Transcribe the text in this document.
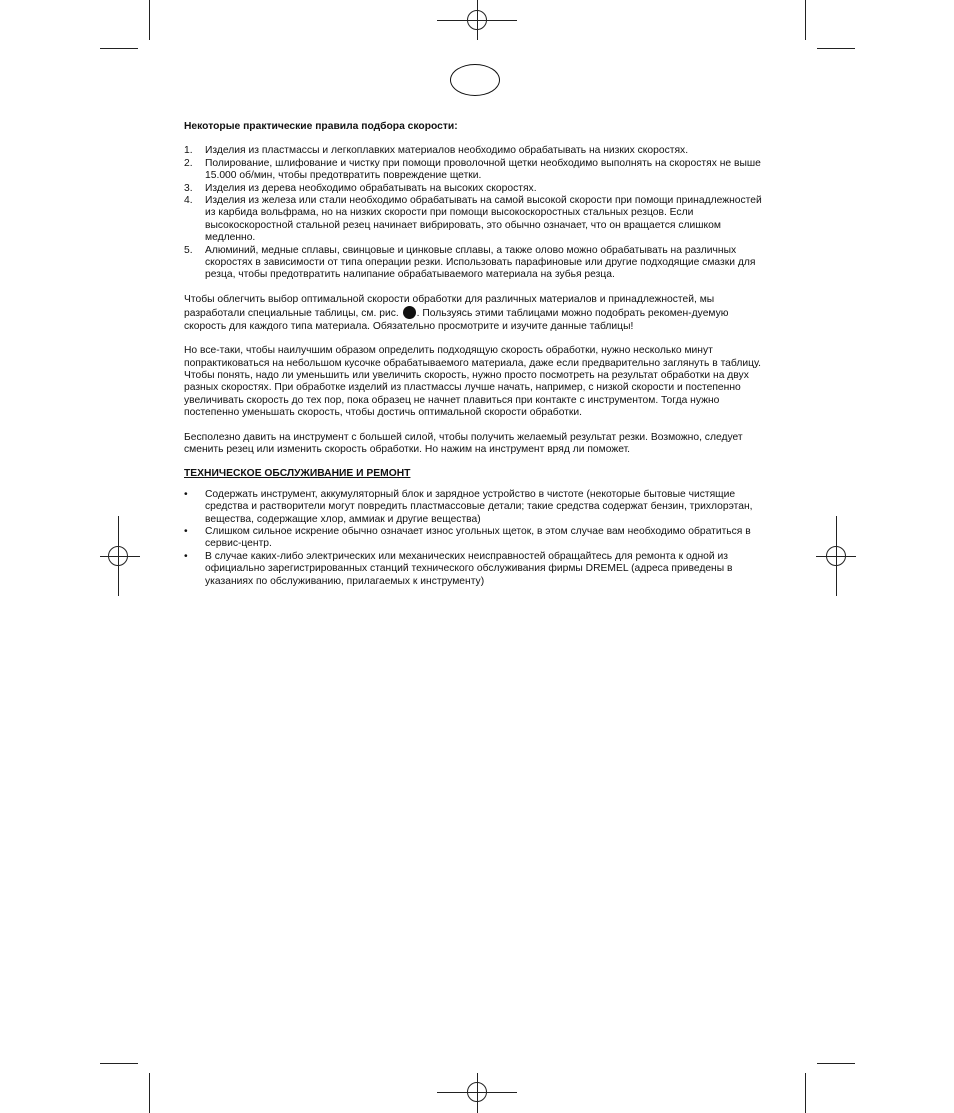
Некоторые практические правила подбора скорости:
1. Изделия из пластмассы и легкоплавких материалов необходимо обрабатывать на низких скоростях.
2. Полирование, шлифование и чистку при помощи проволочной щетки необходимо выполнять на скоростях не выше 15.000 об/мин, чтобы предотвратить повреждение щетки.
3. Изделия из дерева необходимо обрабатывать на высоких скоростях.
4. Изделия из железа или стали необходимо обрабатывать на самой высокой скорости при помощи принадлежностей из карбида вольфрама, но на низких скорости при помощи высокоскоростных стальных резцов. Если высокоскоростной стальной резец начинает вибрировать, это обычно означает, что он вращается слишком медленно.
5. Алюминий, медные сплавы, свинцовые и цинковые сплавы, а также олово можно обрабатывать на различных скоростях в зависимости от типа операции резки. Использовать парафиновые или другие подходящие смазки для резца, чтобы предотвратить налипание обрабатываемого материала на зубья резца.

Чтобы облегчить выбор оптимальной скорости обработки для различных материалов и принадлежностей, мы разработали специальные таблицы, см. рис. . Пользуясь этими таблицами можно подобрать рекомен-дуемую скорость для каждого типа материала. Обязательно просмотрите и изучите данные таблицы!

Но все-таки, чтобы наилучшим образом определить подходящую скорость обработки, нужно несколько минут попрактиковаться на небольшом кусочке обрабатываемого материала, даже если предварительно заглянуть в таблицу. Чтобы понять, надо ли уменьшить или увеличить скорость, нужно просто посмотреть на результат обработки на двух разных скоростях. При обработке изделий из пластмассы лучше начать, например, с низкой скорости и постепенно увеличивать скорость до тех пор, пока образец не начнет плавиться при контакте с инструментом. Тогда нужно постепенно уменьшать скорость, чтобы достичь оптимальной скорости обработки.

Бесполезно давить на инструмент с большей силой, чтобы получить желаемый результат резки. Возможно, следует сменить резец или изменить скорость обработки. Но нажим на инструмент вряд ли поможет.

ТЕХНИЧЕСКОЕ ОБСЛУЖИВАНИЕ И РЕМОНТ
• Содержать инструмент, аккумуляторный блок и зарядное устройство в чистоте (некоторые бытовые чистящие средства и растворители могут повредить пластмассовые детали; такие средства содержат бензин, трихлорэтан, вещества, содержащие хлор, аммиак и другие вещества)
• Слишком сильное искрение обычно означает износ угольных щеток, в этом случае вам необходимо обратиться в сервис-центр.
• В случае каких-либо электрических или механических неисправностей обращайтесь для ремонта к одной из официально зарегистрированных станций технического обслуживания фирмы DREMEL (адреса приведены в указаниях по обслуживанию, прилагаемых к инструменту)
